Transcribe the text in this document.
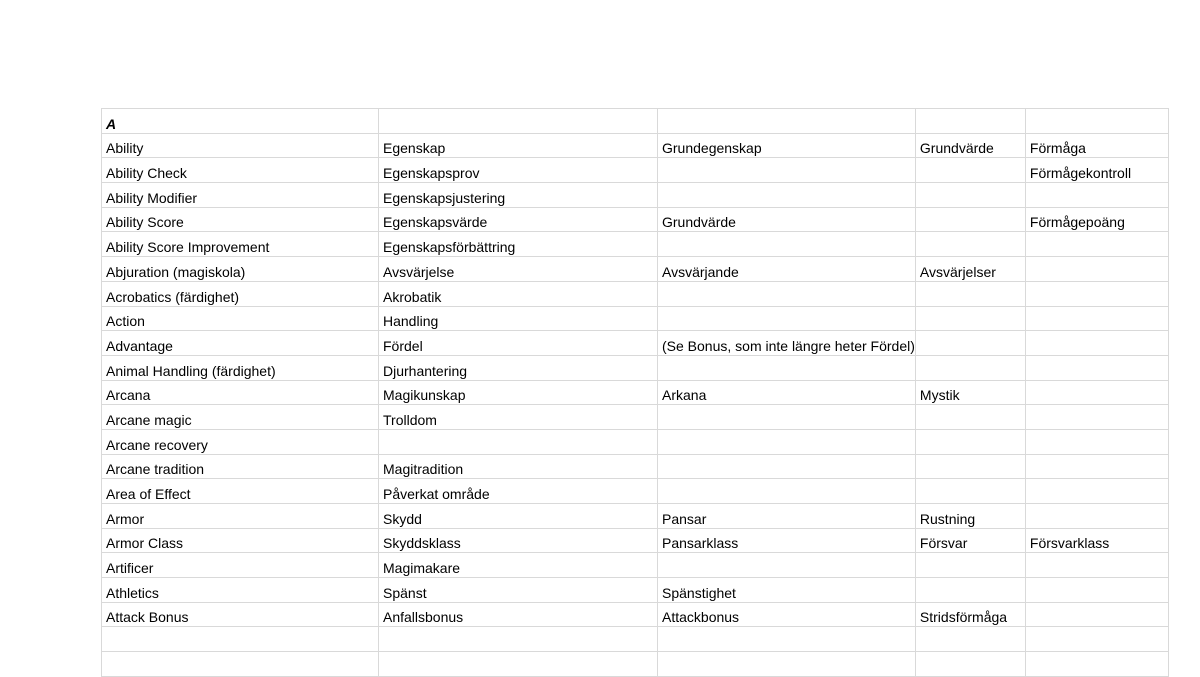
A				
Ability	Egenskap	Grundegenskap	Grundvärde	Förmåga
Ability Check	Egenskapsprov			Förmågekontroll
Ability Modifier	Egenskapsjustering			
Ability Score	Egenskapsvärde	Grundvärde		Förmågepoäng
Ability Score Improvement	Egenskapsförbättring			
Abjuration (magiskola)	Avsvärjelse	Avsvärjande	Avsvärjelser	
Acrobatics (färdighet)	Akrobatik			
Action	Handling			
Advantage	Fördel	(Se Bonus, som inte längre heter Fördel)		
Animal Handling (färdighet)	Djurhantering			
Arcana	Magikunskap	Arkana	Mystik	
Arcane magic	Trolldom			
Arcane recovery				
Arcane tradition	Magitradition			
Area of Effect	Påverkat område			
Armor	Skydd	Pansar	Rustning	
Armor Class	Skyddsklass	Pansarklass	Försvar	Försvarklass
Artificer	Magimakare			
Athletics	Spänst	Spänstighet		
Attack Bonus	Anfallsbonus	Attackbonus	Stridsförmåga	
